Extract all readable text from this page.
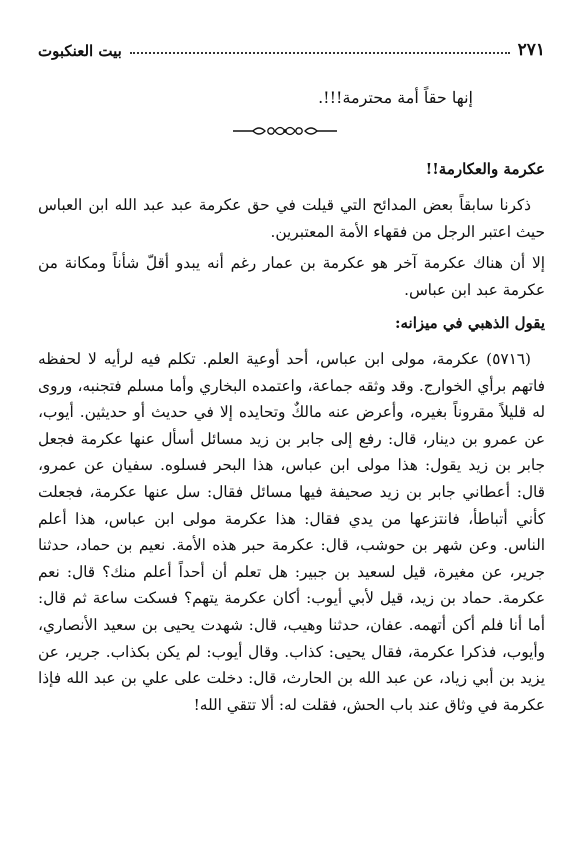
بيت العنكبوت	٢٧١
إنها حقاً أمة محترمة!!!.
عكرمة والعكارمة!!

ذكرنا سابقاً بعض المدائح التي قيلت في حق عكرمة عبد عبد الله ابن العباس حيث اعتبر الرجل من فقهاء الأمة المعتبرين.

إلا أن هناك عكرمة آخر هو عكرمة بن عمار رغم أنه يبدو أقلّ شأناً ومكانة من عكرمة عبد ابن عباس.

يقول الذهبي في ميزانه:

(٥٧١٦) عكرمة، مولى ابن عباس، أحد أوعية العلم. تكلم فيه لرأيه لا لحفظه فاتهم برأي الخوارج. وقد وثقه جماعة، واعتمده البخاري وأما مسلم فتجنبه، وروى له قليلاً مقروناً بغيره، وأعرض عنه مالكٌ وتحايده إلا في حديث أو حديثين. أيوب، عن عمرو بن دينار، قال: رفع إلى جابر بن زيد مسائل أسأل عنها عكرمة فجعل جابر بن زيد يقول: هذا مولى ابن عباس، هذا البحر فسلوه. سفيان عن عمرو، قال: أعطاني جابر بن زيد صحيفة فيها مسائل فقال: سل عنها عكرمة، فجعلت كأني أتباطأ، فانتزعها من يدي فقال: هذا عكرمة مولى ابن عباس، هذا أعلم الناس. وعن شهر بن حوشب، قال: عكرمة حبر هذه الأمة. نعيم بن حماد، حدثنا جرير، عن مغيرة، قيل لسعيد بن جبير: هل تعلم أن أحداً أعلم منك؟ قال: نعم عكرمة. حماد بن زيد، قيل لأبي أيوب: أكان عكرمة يتهم؟ فسكت ساعة ثم قال: أما أنا فلم أكن أتهمه. عفان، حدثنا وهيب، قال: شهدت يحيى بن سعيد الأنصاري، وأيوب، فذكرا عكرمة، فقال يحيى: كذاب. وقال أيوب: لم يكن بكذاب. جرير، عن يزيد بن أبي زياد، عن عبد الله بن الحارث، قال: دخلت على علي بن عبد الله فإذا عكرمة في وثاق عند باب الحش، فقلت له: ألا تتقي الله!
